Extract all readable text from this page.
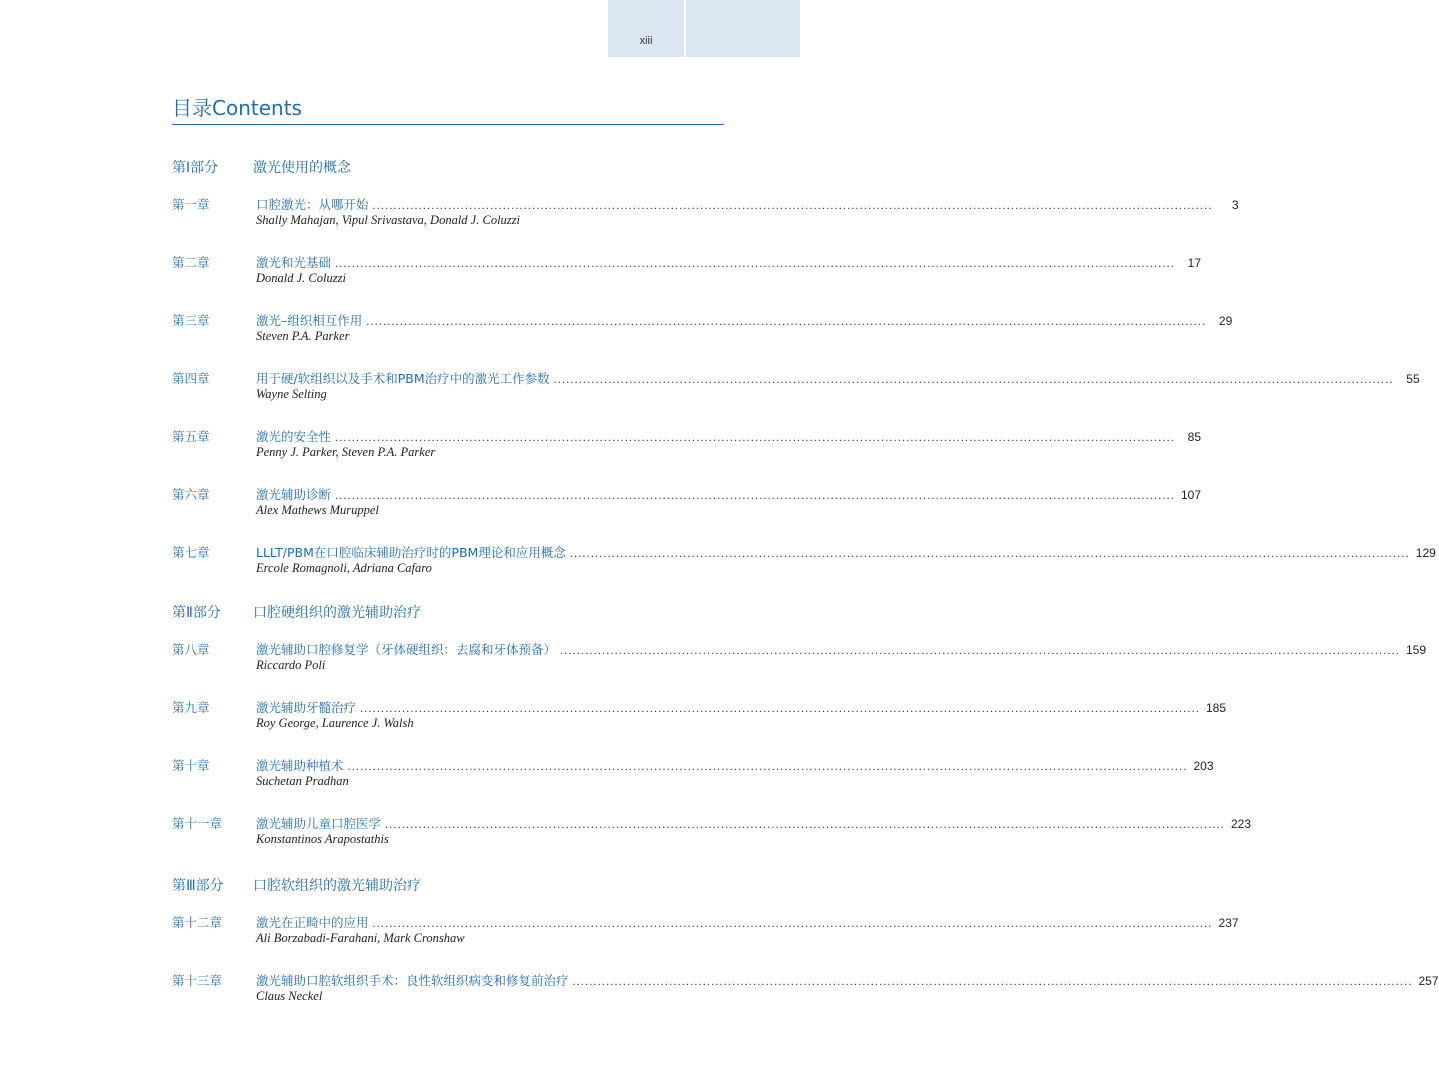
xiii
目录Contents
第Ⅰ部分 激光使用的概念
第一章	口腔激光：从哪开始 ........................................................................................................................................................................................................	3
Shally Mahajan, Vipul Srivastava, Donald J. Coluzzi
第二章	激光和光基础 ........................................................................................................................................................................................................	17
Donald J. Coluzzi
第三章	激光–组织相互作用 ........................................................................................................................................................................................................	29
Steven P.A. Parker
第四章	用于硬/软组织以及手术和PBM治疗中的激光工作参数 ........................................................................................................................................................................................................	55
Wayne Selting
第五章	激光的安全性 ........................................................................................................................................................................................................	85
Penny J. Parker, Steven P.A. Parker
第六章	激光辅助诊断 ........................................................................................................................................................................................................ 107
Alex Mathews Muruppel
第七章	LLLT/PBM在口腔临床辅助治疗时的PBM理论和应用概念 ........................................................................................................................................................................................................ 129
Ercole Romagnoli, Adriana Cafaro
第Ⅱ部分 口腔硬组织的激光辅助治疗
第八章	激光辅助口腔修复学（牙体硬组织：去腐和牙体预备） ........................................................................................................................................................................................................ 159
Riccardo Poli
第九章	激光辅助牙髓治疗 ........................................................................................................................................................................................................ 185
Roy George, Laurence J. Walsh
第十章	激光辅助种植术 ........................................................................................................................................................................................................ 203
Suchetan Pradhan
第十一章	激光辅助儿童口腔医学 ........................................................................................................................................................................................................ 223
Konstantinos Arapostathis
第Ⅲ部分 口腔软组织的激光辅助治疗
第十二章	激光在正畸中的应用 ........................................................................................................................................................................................................ 237
Ali Borzabadi-Farahani, Mark Cronshaw
第十三章	激光辅助口腔软组织手术：良性软组织病变和修复前治疗 ........................................................................................................................................................................................................ 257
Claus Neckel
